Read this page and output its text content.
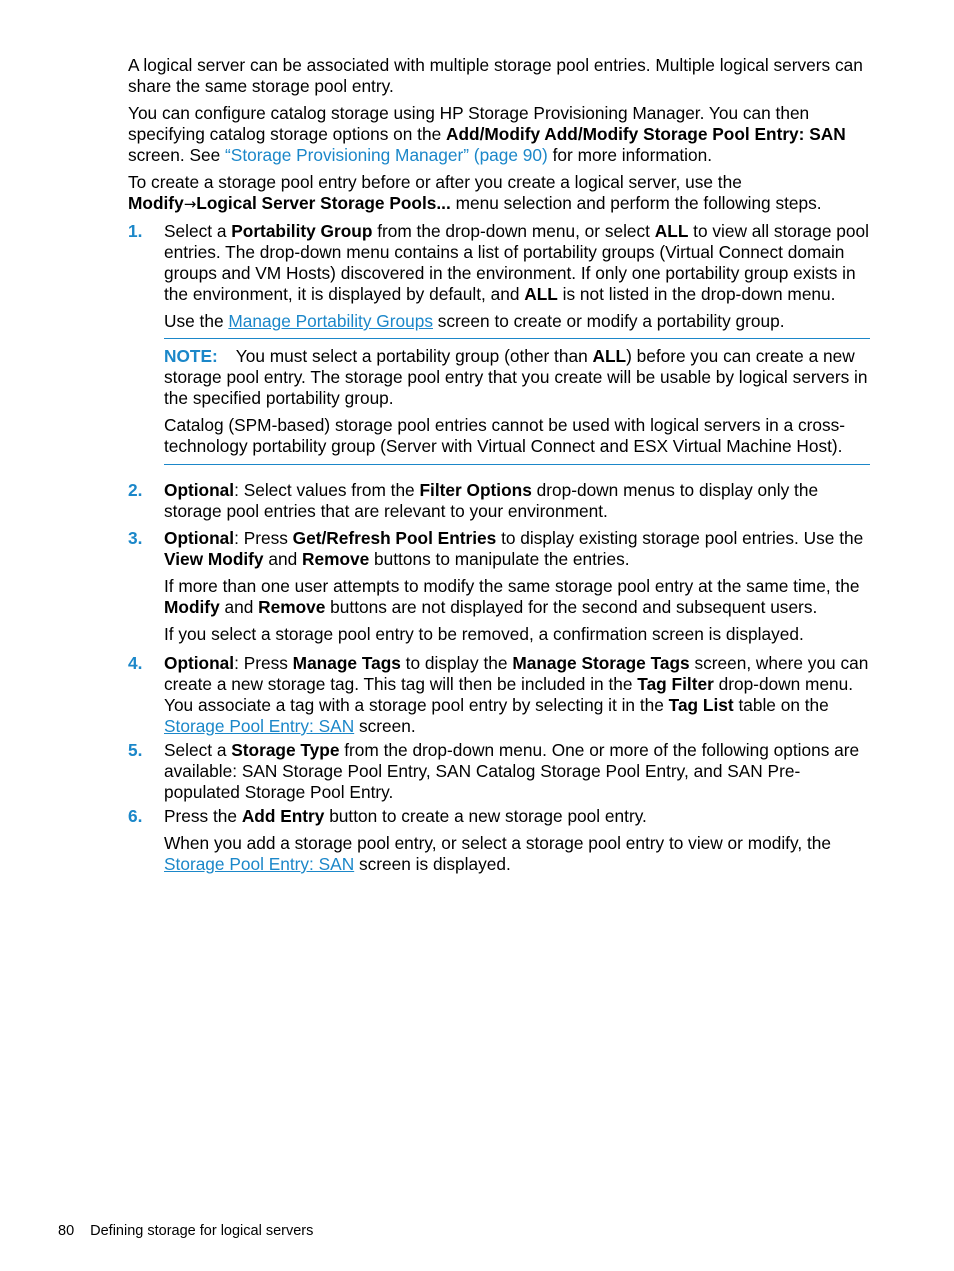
A logical server can be associated with multiple storage pool entries. Multiple logical servers can share the same storage pool entry.

You can configure catalog storage using HP Storage Provisioning Manager. You can then specifying catalog storage options on the Add/Modify Add/Modify Storage Pool Entry: SAN screen. See “Storage Provisioning Manager” (page 90) for more information.

To create a storage pool entry before or after you create a logical server, use the Modify→Logical Server Storage Pools... menu selection and perform the following steps.

1. Select a Portability Group from the drop-down menu, or select ALL to view all storage pool entries. The drop-down menu contains a list of portability groups (Virtual Connect domain groups and VM Hosts) discovered in the environment. If only one portability group exists in the environment, it is displayed by default, and ALL is not listed in the drop-down menu.

Use the Manage Portability Groups screen to create or modify a portability group.

NOTE: You must select a portability group (other than ALL) before you can create a new storage pool entry. The storage pool entry that you create will be usable by logical servers in the specified portability group.

Catalog (SPM-based) storage pool entries cannot be used with logical servers in a cross-technology portability group (Server with Virtual Connect and ESX Virtual Machine Host).

2. Optional: Select values from the Filter Options drop-down menus to display only the storage pool entries that are relevant to your environment.

3. Optional: Press Get/Refresh Pool Entries to display existing storage pool entries. Use the View Modify and Remove buttons to manipulate the entries.

If more than one user attempts to modify the same storage pool entry at the same time, the Modify and Remove buttons are not displayed for the second and subsequent users.

If you select a storage pool entry to be removed, a confirmation screen is displayed.

4. Optional: Press Manage Tags to display the Manage Storage Tags screen, where you can create a new storage tag. This tag will then be included in the Tag Filter drop-down menu. You associate a tag with a storage pool entry by selecting it in the Tag List table on the Storage Pool Entry: SAN screen.

5. Select a Storage Type from the drop-down menu. One or more of the following options are available: SAN Storage Pool Entry, SAN Catalog Storage Pool Entry, and SAN Pre-populated Storage Pool Entry.

6. Press the Add Entry button to create a new storage pool entry.

When you add a storage pool entry, or select a storage pool entry to view or modify, the Storage Pool Entry: SAN screen is displayed.

80 Defining storage for logical servers
